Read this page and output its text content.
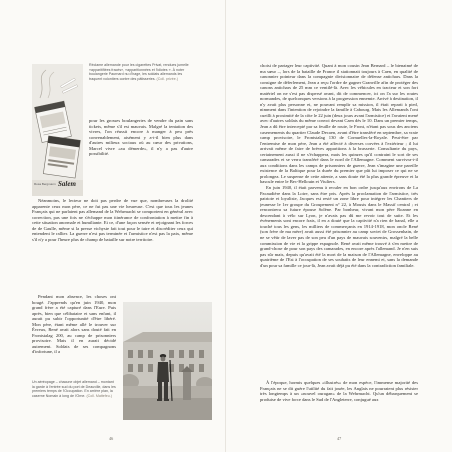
Rosa Bergmann Salem
Réclame allemande pour les cigarettes Privat, rendues jumelle «apparitifiées fracés», «apparitionnées et l'idiotes ». À noter boulangerie Paurnard nu d'hage, les soldats allemands les traquent volontiers contre des pâtisseries. (Coll. privée.)

pour les grosses boulangeries de vendre du pain sans tickets, même s'il est mauvais. Malgré la tentation des vivres, l'on réussit encore à manger à peu près convenablement, aisément y a-t-il bien plus dans d'autres milieux sociaux où au cœur des privations, Marcel vivre «au démerde», il n'y a pas d'autre possibilité.

Néanmoins, le lecteur ne doit pas perdre de vue que, nombreuses la drolité apparente ceux mon père, ce ne fut pas une vie heureuse. C'est que tous les jeunes Français qui ne parlaient pas allemand de la Wehrmacht se comportent en général avec correction, pas une fois ne s'échappe mon itinérance de confrontation à mettre fin à cette situation anormale et humiliante. Et ce, d'une façon sensée et rejoignant les forces de de Gaulle, même si la presse vichyste fait tout pour le taire et discréditer ceux qui entendent le rallier. La guerre n'est pas terminée et l'armistice n'est pas la paix, même s'il n'y a pour l'heure plus de champ de bataille sur notre territoire.

Pendant mon absence, les choses ont bougé. J'apprends qu'en juin 1940, mon grand frère a été capturé dans l'Eure. Puis après, bien que célibataire et sans enfant, il aurait pu subir l'opportunité d'être libéré. Mon père, étant même allé le trouver sur Évreux, René avait alors sans douté fait en Frontstalag 200, au camp de prisonniers provisoire. Mais il en aurait décidé autrement. Soldats de ses compagnons d'infortune, il a

Un aéréopage – chacune objet allemand – montant la garde à l'entrée sud du port de Deauville, dans les premiers temps de l'Occupation. En arrière plan, la caserne Nomain à long de l'Orne. (Coll. Mattefeu.)
46

choisi de partager leur captivité. Quant à mon cousin Jean Bernard – le bienaimé de ma sœur –, lors de la bataille de France il stationnait toujours à Caen, en qualité de canonnier pointeur dans la compagnie divisionnaire de défense antichars. Dans la consigne de déferlement, Jean a reçu l'ordre de gagner Granville afin de protéger des canons antichars de 25 mm ce ventilé-là. Avec les véhicules en tracteur et son fort matériel on ne s'est pas dispersé avant, dit de commencer, ici on l'a sur les routes normandes, de quelconques versions à la progression ennemie. Arrivé à destination, il n'y avait plus personne et, ne pouvant remplir sa mission, il était reparti à pied, nimment dans l'intention de rejoindre la famille à Cabourg. Mais les Allemands l'ont cueilli à proximité de la côte le 22 juin (deux jours avant l'armistice) et l'avaient mené avec d'autres soldats du même convoi devant Caen dès le 10. Dans un premier temps, Jean a dû être intercepté par sa feuille de route, le Front, n'étant pas sous des anciens casernements du quartier Claude Decaen, avant d'être transféré en septembre, sa vraie camp provisoire, le Frontstalag 130 de Cornuelles-la-Royale. Peut-être par l'entremise de mon père, Jean a été affecté à diverses corvées à l'extérieur ; il lui arrivait même de faire de brèves apparitions à la brasserie. Consultante du pays, certainement aussi il ne s'échappera, mais les quinzes qu'il contraint le sort de ses camarades et se verra transféré dans le nord de l'Allemagne. Comment survivra-t-il aux conditions dans les camps de prisonniers de guerre, Jean s'imagine une pareille existence de la Baltique pour la durée du premier que pût lui imposer ce qui ne se prolongea. Le suspense de cette attente, a sans doute été la plus grande épreuve et la bascule entre le Bec-Hellouin et Viuliers.

En juin 1940, il était parvenu à reculer en bon ordre jusqu'aux environs de La Pacaudière dans la Loire, sans être pris. Après la proclamation de l'armistice, très patriote et loyaliste, Jacques est resté un zone libre pour intégrer les Chantiers de jeunesse le 1er groupe du Groupement n° 22, à Mousts dans le Massif central ; et rencontrera sa future épouse Solène. Par bonheur, vivant mon père Roanne en descendant à vélo sur Lyon, je n'avais pas dû me revoir tout de suite. Et les événements sont encore frais, il en a douté que la captivité n'a rien de banal, elle a touché tous les gens, les milliers de commerçants en 1914-1918, mon oncle René (son frère de ma mère) avait aussi été prisonnier au camp soviet de Grossenhain, de ne se vêtir de laver pas de son peu d'un pays de mauvais souvenirs, malgré la belle commission de vie et la grippe espagnole. René avait même trouvé à s'en mettre de grand-chose de pour son pays des camarades, en encore après l'allemand. Je n'en suis pas sûr mais, depuis qu'avait été la mort de la maison de l'Allemagne, enveloppe au quatrième de l'Est à l'occupation de ses souhaits de leur ennemi et, sans la demande d'un pour sa famille ce jour-là, Jean avait déjà pu été dans la contradiction familiale.

À l'époque, hormis quelques «illustrés» de mon espèce, l'immense majorité des Français ne se dit guère l'utilité du fait jouée, les Anglais ne pourraient plus résister très longtemps à un «nouvel ouragan» de la Wehrmacht. Qu'un débarquement se produise de vive force dans le Sud de l'Angleterre, conjugué aux

47
